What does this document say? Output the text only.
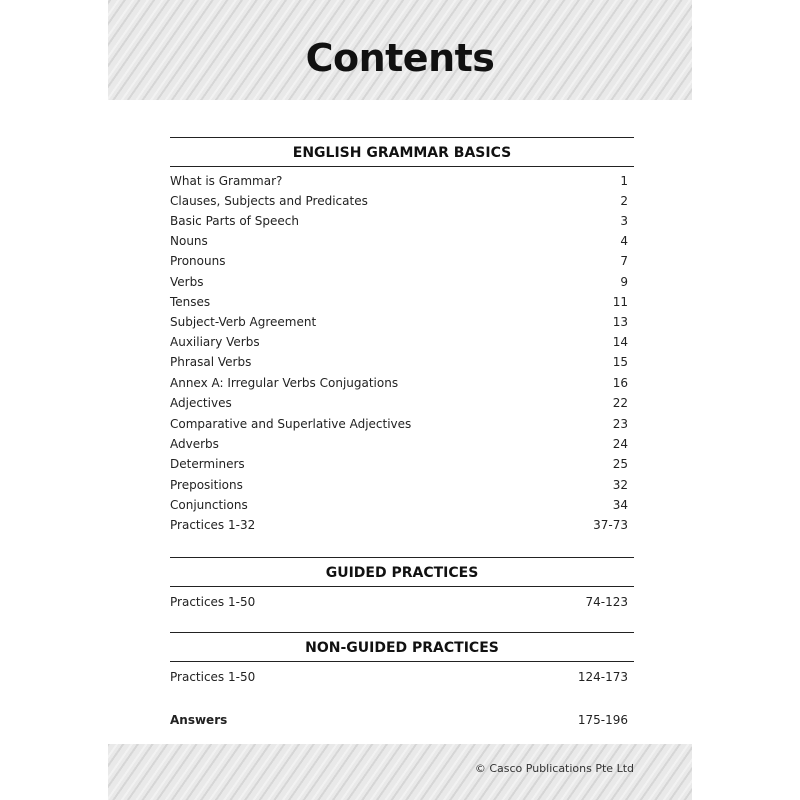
Contents
© Casco Publications Pte Ltd
ENGLISH GRAMMAR BASICS
What is Grammar?	1
Clauses, Subjects and Predicates	2
Basic Parts of Speech	3
Nouns	4
Pronouns	7
Verbs	9
Tenses	11
Subject-Verb Agreement	13
Auxiliary Verbs	14
Phrasal Verbs	15
Annex A: Irregular Verbs Conjugations	16
Adjectives	22
Comparative and Superlative Adjectives	23
Adverbs	24
Determiners	25
Prepositions	32
Conjunctions	34
Practices 1-32	37-73
GUIDED PRACTICES
Practices 1-50	74-123
NON-GUIDED PRACTICES
Practices 1-50	124-173
Answers	175-196
